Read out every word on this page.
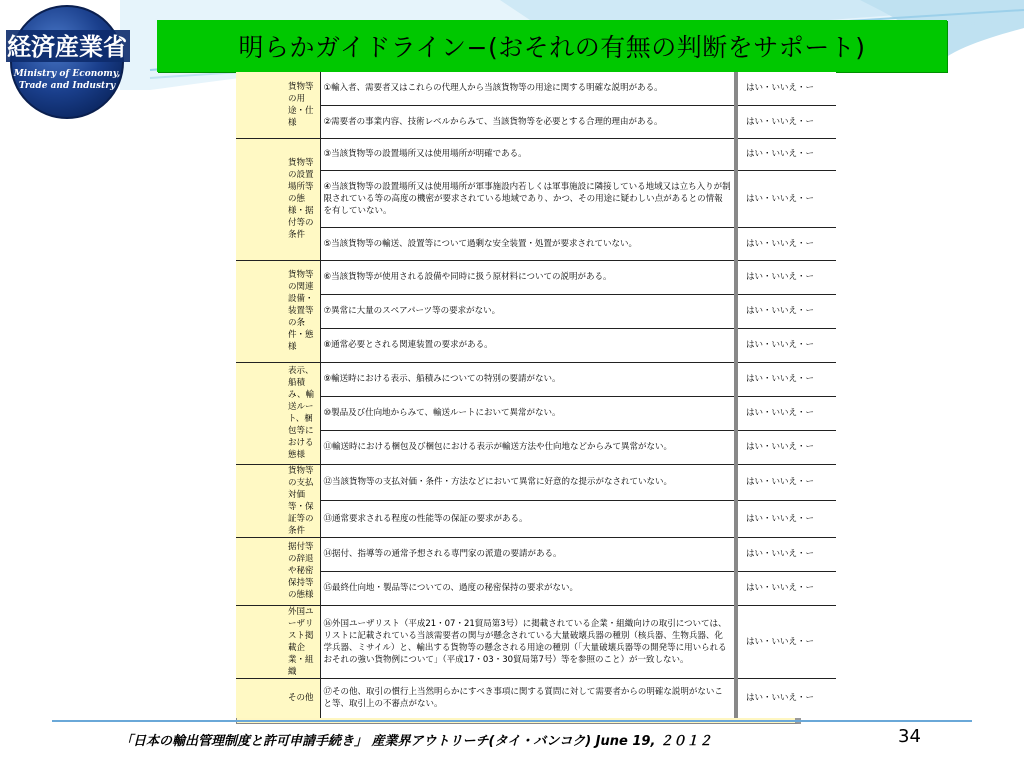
経済産業省
Ministry of Economy,
Trade and Industry
明らかガイドライン−(おそれの有無の判断をサポート)
貨物等の用途・仕様	①輸入者、需要者又はこれらの代理人から当該貨物等の用途に関する明確な説明がある。	はい・いいえ・ー
	②需要者の事業内容、技術レベルからみて、当該貨物等を必要とする合理的理由がある。	はい・いいえ・ー
貨物等の設置場所等の態様・据付等の条件	③当該貨物等の設置場所又は使用場所が明確である。	はい・いいえ・ー
	④当該貨物等の設置場所又は使用場所が軍事施設内若しくは軍事施設に隣接している地域又は立ち入りが制限されている等の高度の機密が要求されている地域であり、かつ、その用途に疑わしい点があるとの情報を有していない。	はい・いいえ・ー
	⑤当該貨物等の輸送、設置等について過剰な安全装置・処置が要求されていない。	はい・いいえ・ー
貨物等の関連設備・装置等の条件・態様	⑥当該貨物等が使用される設備や同時に扱う原材料についての説明がある。	はい・いいえ・ー
	⑦異常に大量のスペアパーツ等の要求がない。	はい・いいえ・ー
	⑧通常必要とされる関連装置の要求がある。	はい・いいえ・ー
表示、船積み、輸送ルート、梱包等における態様	⑨輸送時における表示、船積みについての特別の要請がない。	はい・いいえ・ー
	⑩製品及び仕向地からみて、輸送ルートにおいて異常がない。	はい・いいえ・ー
	⑪輸送時における梱包及び梱包における表示が輸送方法や仕向地などからみて異常がない。	はい・いいえ・ー
貨物等の支払対価等・保証等の条件	⑫当該貨物等の支払対価・条件・方法などにおいて異常に好意的な提示がなされていない。	はい・いいえ・ー
	⑬通常要求される程度の性能等の保証の要求がある。	はい・いいえ・ー
据付等の辞退や秘密保持等の態様	⑭据付、指導等の通常予想される専門家の派遣の要請がある。	はい・いいえ・ー
	⑮最終仕向地・製品等についての、過度の秘密保持の要求がない。	はい・いいえ・ー
外国ユーザリスト掲載企業・組織	⑯外国ユーザリスト（平成21・07・21貿局第3号）に掲載されている企業・組織向けの取引については、リストに記載されている当該需要者の関与が懸念されている大量破壊兵器の種別（核兵器、生物兵器、化学兵器、ミサイル）と、輸出する貨物等の懸念される用途の種別（「大量破壊兵器等の開発等に用いられるおそれの強い貨物例について」（平成17・03・30貿局第7号）等を参照のこと）が一致しない。	はい・いいえ・ー
その他	⑰その他、取引の慣行上当然明らかにすべき事項に関する質問に対して需要者からの明確な説明がないこと等、取引上の不審点がない。	はい・いいえ・ー
「日本の輸出管理制度と許可申請手続き」 産業界アウトリーチ(タイ・バンコク) June 19, ２０１２	34
